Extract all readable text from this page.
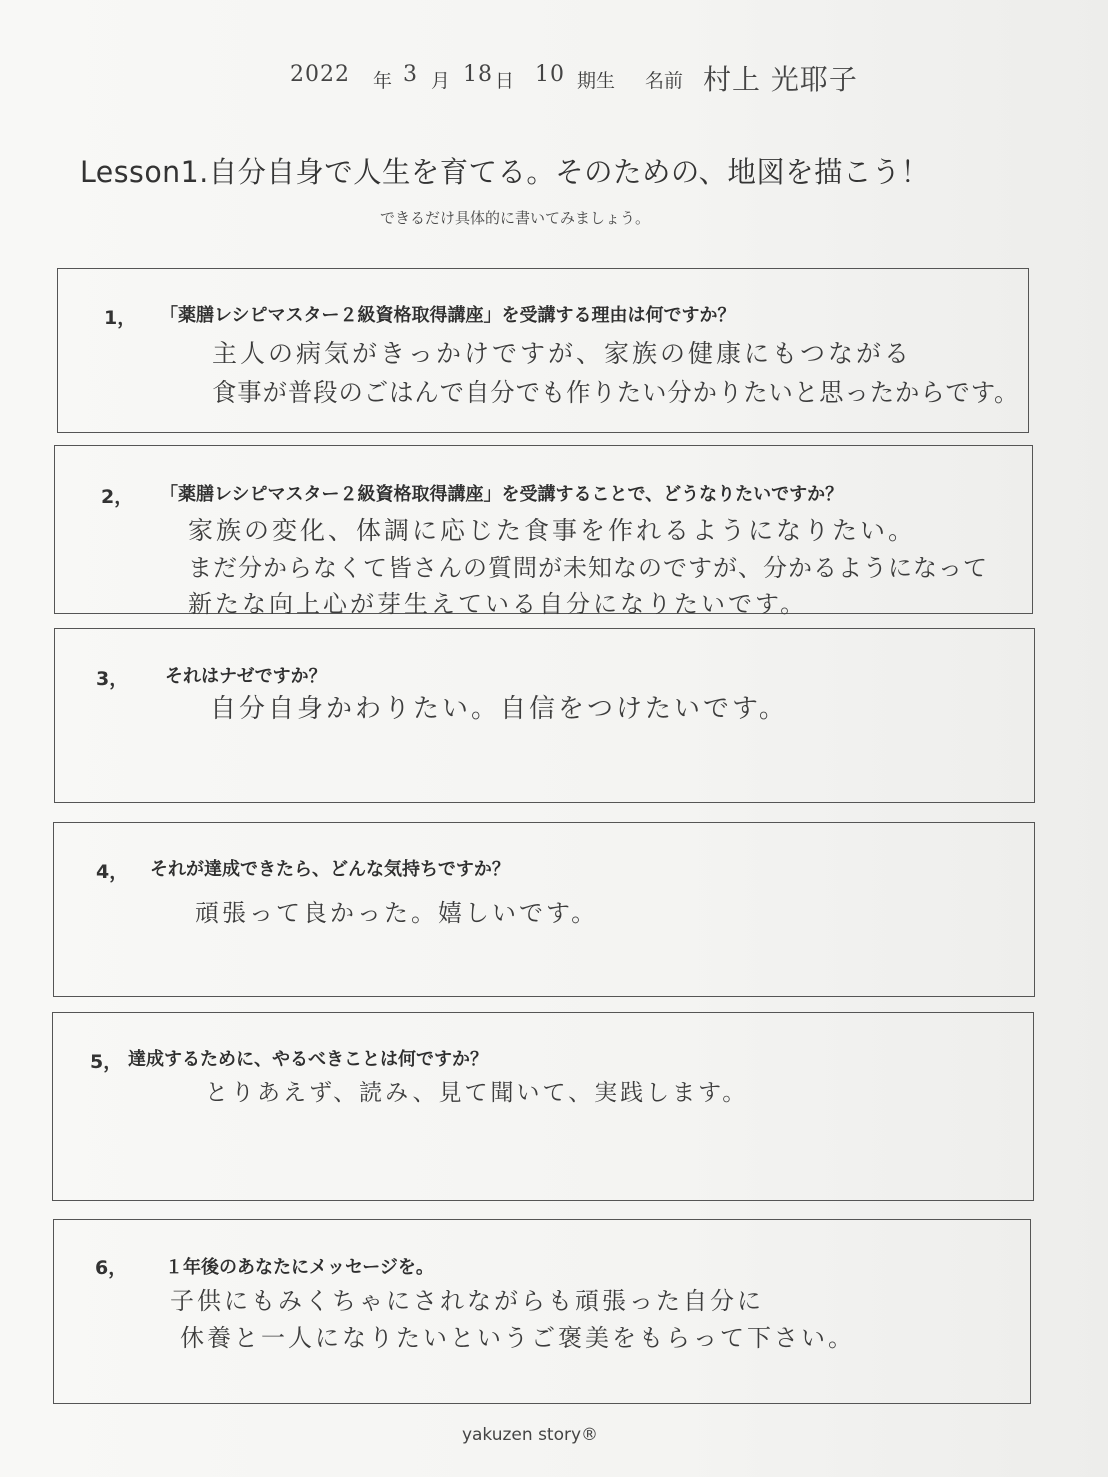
2022 年 3 月 18 日 10 期生 名前 村上 光耶子
Lesson1.自分自身で人生を育てる。そのための、地図を描こう！
できるだけ具体的に書いてみましょう。
1， 「薬膳レシピマスター２級資格取得講座」を受講する理由は何ですか？
主人の病気がきっかけですが、家族の健康にもつながる
食事が普段のごはんで自分でも作りたい分かりたいと思ったからです。
2， 「薬膳レシピマスター２級資格取得講座」を受講することで、どうなりたいですか？
家族の変化、体調に応じた食事を作れるようになりたい。
まだ分からなくて皆さんの質問が未知なのですが、分かるようになって
新たな向上心が芽生えている自分になりたいです。
3， それはナゼですか？
自分自身かわりたい。自信をつけたいです。
4， それが達成できたら、どんな気持ちですか？
頑張って良かった。嬉しいです。
5， 達成するために、やるべきことは何ですか？
とりあえず、読み、見て聞いて、実践します。
6， １年後のあなたにメッセージを。
子供にもみくちゃにされながらも頑張った自分に
休養と一人になりたいというご褒美をもらって下さい。
yakuzen story®
